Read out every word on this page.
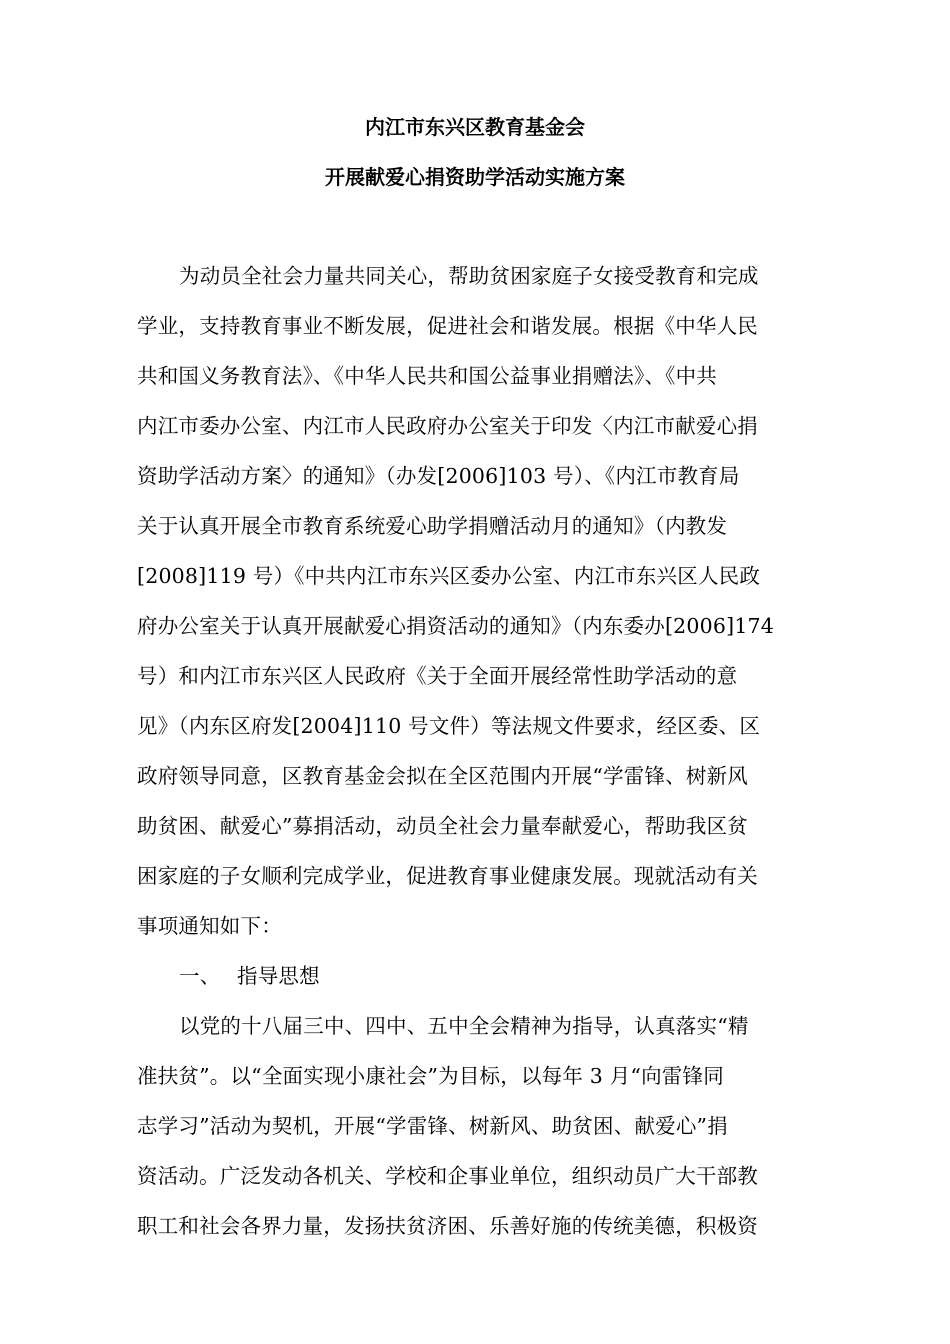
内江市东兴区教育基金会
开展献爱心捐资助学活动实施方案
为动员全社会力量共同关心，帮助贫困家庭子女接受教育和完成
学业，支持教育事业不断发展，促进社会和谐发展。根据《中华人民
共和国义务教育法》、《中华人民共和国公益事业捐赠法》、《中共
内江市委办公室、内江市人民政府办公室关于印发〈内江市献爱心捐
资助学活动方案〉的通知》（办发[2006]103 号）、《内江市教育局
关于认真开展全市教育系统爱心助学捐赠活动月的通知》（内教发
[2008]119 号）《中共内江市东兴区委办公室、内江市东兴区人民政
府办公室关于认真开展献爱心捐资活动的通知》（内东委办[2006]174
号）和内江市东兴区人民政府《关于全面开展经常性助学活动的意
见》（内东区府发[2004]110 号文件）等法规文件要求，经区委、区
政府领导同意，区教育基金会拟在全区范围内开展“学雷锋、树新风
助贫困、献爱心”募捐活动，动员全社会力量奉献爱心，帮助我区贫
困家庭的子女顺利完成学业，促进教育事业健康发展。现就活动有关
事项通知如下：
一、 指导思想
以党的十八届三中、四中、五中全会精神为指导，认真落实“精
准扶贫”。以“全面实现小康社会”为目标，以每年 3 月“向雷锋同
志学习”活动为契机，开展“学雷锋、树新风、助贫困、献爱心”捐
资活动。广泛发动各机关、学校和企事业单位，组织动员广大干部教
职工和社会各界力量，发扬扶贫济困、乐善好施的传统美德，积极资
